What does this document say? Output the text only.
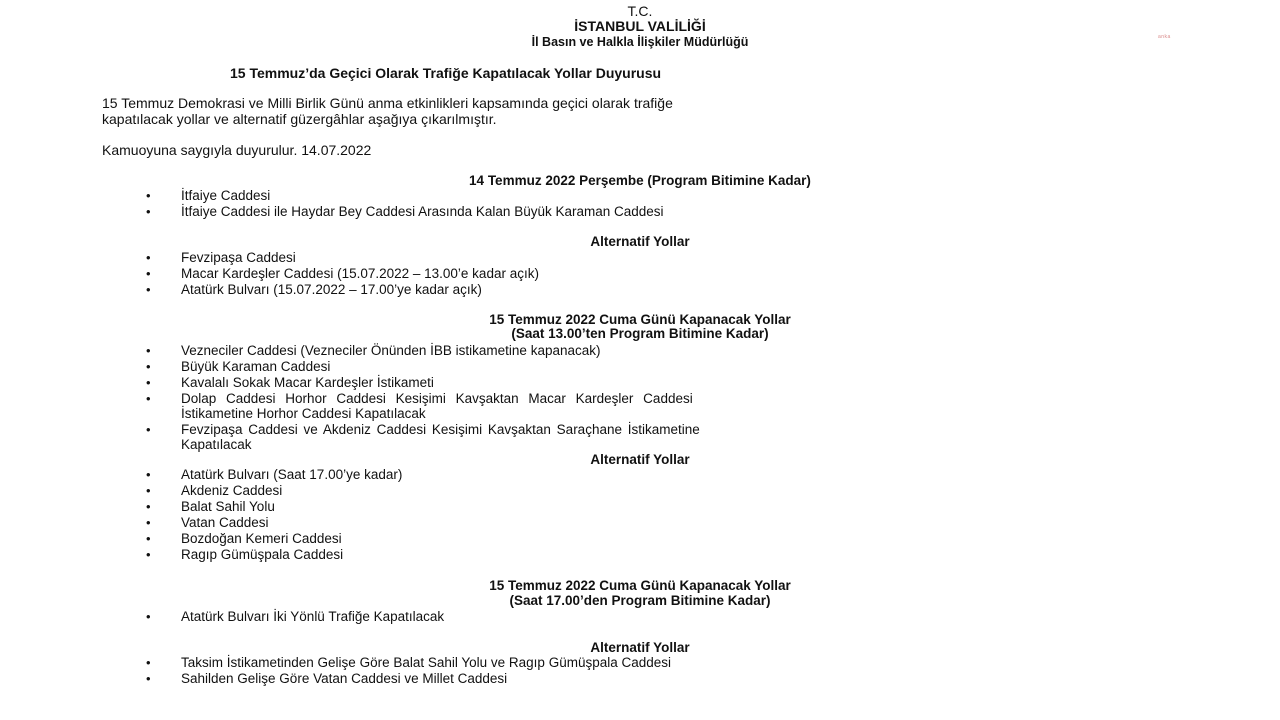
T.C.
İSTANBUL VALİLİĞİ
İl Basın ve Halkla İlişkiler Müdürlüğü	anka
15 Temmuz’da Geçici Olarak Trafiğe Kapatılacak Yollar Duyurusu
15 Temmuz Demokrasi ve Milli Birlik Günü anma etkinlikleri kapsamında geçici olarak trafiğe
kapatılacak yollar ve alternatif güzergâhlar aşağıya çıkarılmıştır.
Kamuoyuna saygıyla duyurulur. 14.07.2022
14 Temmuz 2022 Perşembe (Program Bitimine Kadar)
• İtfaiye Caddesi
• İtfaiye Caddesi ile Haydar Bey Caddesi Arasında Kalan Büyük Karaman Caddesi
Alternatif Yollar
• Fevzipaşa Caddesi
• Macar Kardeşler Caddesi (15.07.2022 – 13.00’e kadar açık)
• Atatürk Bulvarı (15.07.2022 – 17.00’ye kadar açık)
15 Temmuz 2022 Cuma Günü Kapanacak Yollar
(Saat 13.00’ten Program Bitimine Kadar)
• Vezneciler Caddesi (Vezneciler Önünden İBB istikametine kapanacak)
• Büyük Karaman Caddesi
• Kavalalı Sokak Macar Kardeşler İstikameti
• Dolap Caddesi Horhor Caddesi Kesişimi Kavşaktan Macar Kardeşler Caddesi
İstikametine Horhor Caddesi Kapatılacak
• Fevzipaşa Caddesi ve Akdeniz Caddesi Kesişimi Kavşaktan Saraçhane İstikametine
Kapatılacak
Alternatif Yollar
• Atatürk Bulvarı (Saat 17.00’ye kadar)
• Akdeniz Caddesi
• Balat Sahil Yolu
• Vatan Caddesi
• Bozdoğan Kemeri Caddesi
• Ragıp Gümüşpala Caddesi
15 Temmuz 2022 Cuma Günü Kapanacak Yollar
(Saat 17.00’den Program Bitimine Kadar)
• Atatürk Bulvarı İki Yönlü Trafiğe Kapatılacak
Alternatif Yollar
• Taksim İstikametinden Gelişe Göre Balat Sahil Yolu ve Ragıp Gümüşpala Caddesi
• Sahilden Gelişe Göre Vatan Caddesi ve Millet Caddesi
